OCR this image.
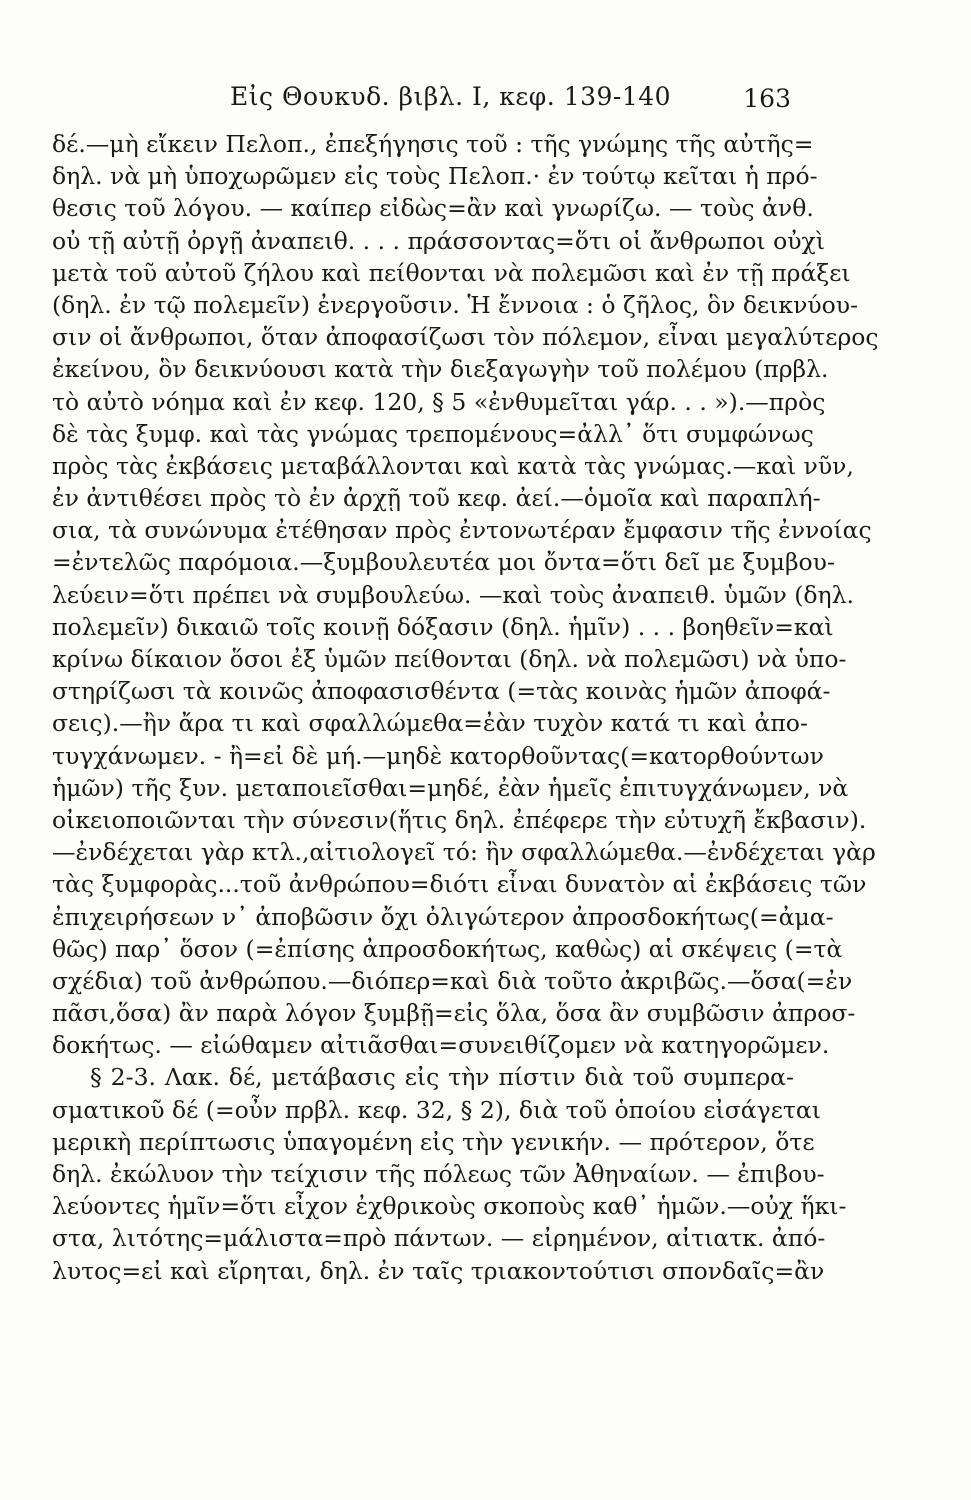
Εἰς Θουκυδ. βιβλ. I, κεφ. 139-140	163
δέ.—μὴ εἴκειν Πελοπ., ἐπεξήγησις τοῦ : τῆς γνώμης τῆς αὐτῆς=
δηλ. νὰ μὴ ὑποχωρῶμεν εἰς τοὺς Πελοπ.· ἐν τούτῳ κεῖται ἡ πρό-
θεσις τοῦ λόγου. — καίπερ εἰδὼς=ἂν καὶ γνωρίζω. — τοὺς ἀνθ.
οὐ τῇ αὐτῇ ὀργῇ ἀναπειθ. . . . πράσσοντας=ὅτι οἱ ἄνθρωποι οὐχὶ
μετὰ τοῦ αὐτοῦ ζήλου καὶ πείθονται νὰ πολεμῶσι καὶ ἐν τῇ πράξει
(δηλ. ἐν τῷ πολεμεῖν) ἐνεργοῦσιν. Ἡ ἔννοια : ὁ ζῆλος, ὃν δεικνύου-
σιν οἱ ἄνθρωποι, ὅταν ἀποφασίζωσι τὸν πόλεμον, εἶναι μεγαλύτερος
ἐκείνου, ὃν δεικνύουσι κατὰ τὴν διεξαγωγὴν τοῦ πολέμου (πρβλ.
τὸ αὐτὸ νόημα καὶ ἐν κεφ. 120, § 5 «ἐνθυμεῖται γάρ. . . »).—πρὸς
δὲ τὰς ξυμφ. καὶ τὰς γνώμας τρεπομένους=ἀλλ᾽ ὅτι συμφώνως
πρὸς τὰς ἐκβάσεις μεταβάλλονται καὶ κατὰ τὰς γνώμας.—καὶ νῦν,
ἐν ἀντιθέσει πρὸς τὸ ἐν ἀρχῇ τοῦ κεφ. ἀεί.—ὁμοῖα καὶ παραπλή-
σια, τὰ συνώνυμα ἐτέθησαν πρὸς ἐντονωτέραν ἔμφασιν τῆς ἐννοίας
=ἐντελῶς παρόμοια.—ξυμβουλευτέα μοι ὄντα=ὅτι δεῖ με ξυμβου-
λεύειν=ὅτι πρέπει νὰ συμβουλεύω. —καὶ τοὺς ἀναπειθ. ὑμῶν (δηλ.
πολεμεῖν) δικαιῶ τοῖς κοινῇ δόξασιν (δηλ. ἡμῖν) . . . βοηθεῖν=καὶ
κρίνω δίκαιον ὅσοι ἐξ ὑμῶν πείθονται (δηλ. νὰ πολεμῶσι) νὰ ὑπο-
στηρίζωσι τὰ κοινῶς ἀποφασισθέντα (=τὰς κοινὰς ἡμῶν ἀποφά-
σεις).—ἢν ἄρα τι καὶ σφαλλώμεθα=ἐὰν τυχὸν κατά τι καὶ ἀπο-
τυγχάνωμεν. - ἢ=εἰ δὲ μή.—μηδὲ κατορθοῦντας(=κατορθούντων
ἡμῶν) τῆς ξυν. μεταποιεῖσθαι=μηδέ, ἐὰν ἡμεῖς ἐπιτυγχάνωμεν, νὰ
οἰκειοποιῶνται τὴν σύνεσιν(ἥτις δηλ. ἐπέφερε τὴν εὐτυχῆ ἔκβασιν).
—ἐνδέχεται γὰρ κτλ.,αἰτιολογεῖ τό: ἢν σφαλλώμεθα.—ἐνδέχεται γὰρ
τὰς ξυμφορὰς...τοῦ ἀνθρώπου=διότι εἶναι δυνατὸν αἱ ἐκβάσεις τῶν
ἐπιχειρήσεων ν᾽ ἀποβῶσιν ὄχι ὀλιγώτερον ἀπροσδοκήτως(=ἀμα-
θῶς) παρ᾽ ὅσον (=ἐπίσης ἀπροσδοκήτως, καθὼς) αἱ σκέψεις (=τὰ
σχέδια) τοῦ ἀνθρώπου.—διόπερ=καὶ διὰ τοῦτο ἀκριβῶς.—ὅσα(=ἐν
πᾶσι,ὅσα) ἂν παρὰ λόγον ξυμβῇ=εἰς ὅλα, ὅσα ἂν συμβῶσιν ἀπροσ-
δοκήτως. — εἰώθαμεν αἰτιᾶσθαι=συνειθίζομεν νὰ κατηγορῶμεν.
§ 2-3. Λακ. δέ, μετάβασις εἰς τὴν πίστιν διὰ τοῦ συμπερα-
σματικοῦ δέ (=οὖν πρβλ. κεφ. 32, § 2), διὰ τοῦ ὁποίου εἰσάγεται
μερικὴ περίπτωσις ὑπαγομένη εἰς τὴν γενικήν. — πρότερον, ὅτε
δηλ. ἐκώλυον τὴν τείχισιν τῆς πόλεως τῶν Ἀθηναίων. — ἐπιβου-
λεύοντες ἡμῖν=ὅτι εἶχον ἐχθρικοὺς σκοποὺς καθ᾽ ἡμῶν.—οὐχ ἥκι-
στα, λιτότης=μάλιστα=πρὸ πάντων. — εἰρημένον, αἰτιατκ. ἀπό-
λυτος=εἰ καὶ εἴρηται, δηλ. ἐν ταῖς τριακοντούτισι σπονδαῖς=ἂν
